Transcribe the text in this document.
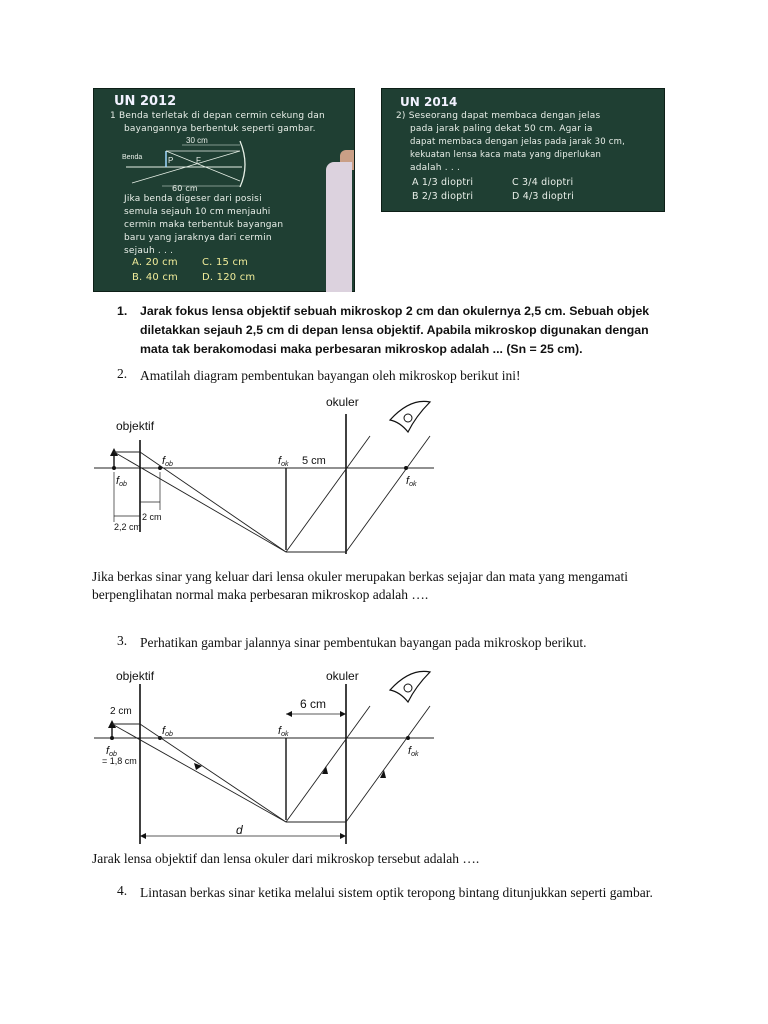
UN 2012
1 Benda terletak di depan cermin cekung dan
bayangannya berbentuk seperti gambar.
Benda
30 cm
P	F
60 cm
Jika benda digeser dari posisi
semula sejauh 10 cm menjauhi
cermin maka terbentuk bayangan
baru yang jaraknya dari cermin
sejauh . . .
A. 20 cm C. 15 cm
B. 40 cm D. 120 cm
UN 2014
2) Seseorang dapat membaca dengan jelas
pada jarak paling dekat 50 cm. Agar ia
dapat membaca dengan jelas pada jarak 30 cm,
kekuatan lensa kaca mata yang diperlukan
adalah . . .
A 1/3 dioptri	C 3/4 dioptri
B 2/3 dioptri	D 4/3 dioptri
1. Jarak fokus lensa objektif sebuah mikroskop 2 cm dan okulernya 2,5 cm. Sebuah objek diletakkan sejauh 2,5 cm di depan lensa objektif. Apabila mikroskop digunakan dengan mata tak berakomodasi maka perbesaran mikroskop adalah ... (Sn = 25 cm).
2. Amatilah diagram pembentukan bayangan oleh mikroskop berikut ini!
objektif
okuler
fob
fob
fok
fok
5 cm
2 cm
2,2 cm
Jika berkas sinar yang keluar dari lensa okuler merupakan berkas sejajar dan mata yang mengamati berpenglihatan normal maka perbesaran mikroskop adalah ….
3. Perhatikan gambar jalannya sinar pembentukan bayangan pada mikroskop berikut.
objektif	okuler
6 cm
2 cm
fob
fob
= 1,8 cm
fok
fok
d
Jarak lensa objektif dan lensa okuler dari mikroskop tersebut adalah ….
4. Lintasan berkas sinar ketika melalui sistem optik teropong bintang ditunjukkan seperti gambar.
